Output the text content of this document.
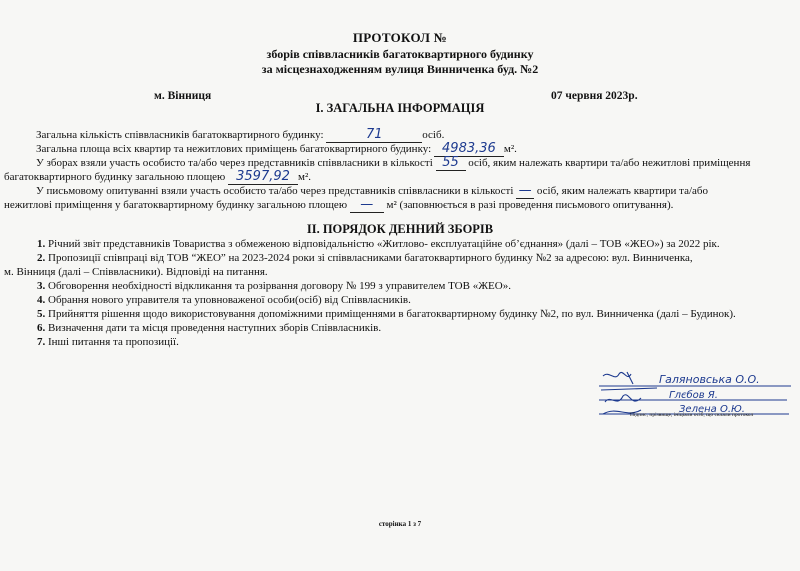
ПРОТОКОЛ №
зборів співвласників багатоквартирного будинку
за місцезнаходженням вулиця Винниченка буд. №2
м. Вінниця	07 червня 2023р.
І. ЗАГАЛЬНА ІНФОРМАЦІЯ
Загальна кількість співвласників багатоквартирного будинку:	71	осіб.
Загальна площа всіх квартир та нежитлових приміщень багатоквартирного будинку: 4983,36 м².
У зборах взяли участь особисто та/або через представників співвласники в кількості 55 осіб, яким належать квартири та/або нежитлові приміщення
багатоквартирного будинку загальною площею 3597,92 м².
У письмовому опитуванні взяли участь особисто та/або через представників співвласники в кількості — осіб, яким належать квартири та/або
нежитлові приміщення у багатоквартирному будинку загальною площею — м² (заповнюється в разі проведення письмового опитування).
ІІ. ПОРЯДОК ДЕННИЙ ЗБОРІВ
1. Річний звіт представників Товариства з обмеженою відповідальністю «Житлово- експлуатаційне об’єднання» (далі – ТОВ «ЖЕО») за 2022 рік.
2. Пропозиції співпраці від ТОВ “ЖЕО” на 2023-2024 роки зі співвласниками багатоквартирного будинку №2 за адресою: вул. Винниченка,
м. Вінниця (далі – Співвласники). Відповіді на питання.
3. Обговорення необхідності відкликання та розірвання договору № 199 з управителем ТОВ «ЖЕО».
4. Обрання нового управителя та уповноваженої особи(осіб) від Співвласників.
5. Прийняття рішення щодо використовування допоміжними приміщеннями в багатоквартирному будинку №2, по вул. Винниченка (далі – Будинок).
6. Визначення дати та місця проведення наступних зборів Співвласників.
7. Інші питання та пропозиції.
Галяновська О.О.
Глєбов Я.
Зелена О.Ю.
Підпис, прізвище, ініціали осіб, що склали протокол
сторінка 1 з 7
